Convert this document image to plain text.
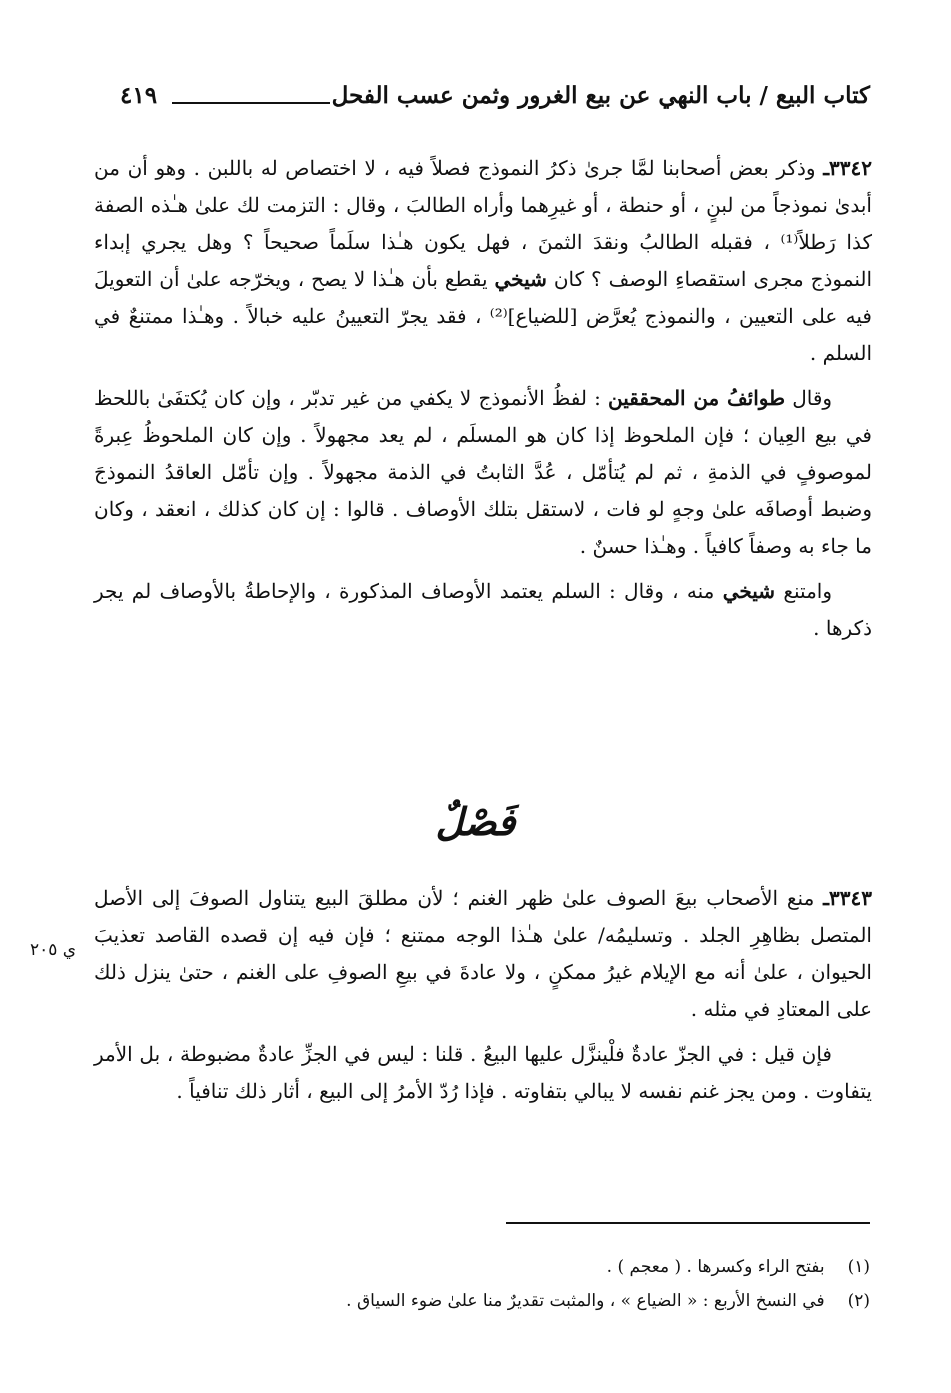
كتاب البيع / باب النهي عن بيع الغرور وثمن عسب الفحل
٤١٩

٣٣٤٢ـ وذكر بعض أصحابنا لمَّا جرىٰ ذكرُ النموذج فصلاً فيه ، لا اختصاص له باللبن . وهو أن من أبدىٰ نموذجاً من لبنٍ ، أو حنطة ، أو غيرِهما وأراه الطالبَ ، وقال : التزمت لك علىٰ هـٰذه الصفة كذا رَطلاً⁽¹⁾ ، فقبله الطالبُ ونقدَ الثمنَ ، فهل يكون هـٰذا سلَماً صحيحاً ؟ وهل يجري إبداء النموذج مجرى استقصاءِ الوصف ؟ كان شيخي يقطع بأن هـٰذا لا يصح ، ويخرّجه علىٰ أن التعويلَ فيه على التعيين ، والنموذج يُعرَّض [للضياع]⁽²⁾ ، فقد يجرّ التعيينُ عليه خبالاً . وهـٰذا ممتنعٌ في السلم .

وقال طوائفُ من المحققين : لفظُ الأنموذج لا يكفي من غير تدبّر ، وإن كان يُكتفَىٰ باللحظ في بيع العِيان ؛ فإن الملحوظ إذا كان هو المسلَم ، لم يعد مجهولاً . وإن كان الملحوظُ عِبرةً لموصوفٍ في الذمةِ ، ثم لم يُتأمّل ، عُدَّ الثابتُ في الذمة مجهولاً . وإن تأمّل العاقدُ النموذجَ وضبط أوصافَه علىٰ وجهٍ لو فات ، لاستقل بتلك الأوصاف . قالوا : إن كان كذلك ، انعقد ، وكان ما جاء به وصفاً كافياً . وهـٰذا حسنٌ .

وامتنع شيخي منه ، وقال : السلم يعتمد الأوصاف المذكورة ، والإحاطةُ بالأوصاف لم يجر ذكرها .

فَصْلٌ

٣٣٤٣ـ منع الأصحاب بيعَ الصوف علىٰ ظهر الغنم ؛ لأن مطلقَ البيع يتناول الصوفَ إلى الأصل المتصل بظاهِرِ الجلد . وتسليمُه/ علىٰ هـٰذا الوجه ممتنع ؛ فإن فيه إن قصده القاصد تعذيبَ الحيوان ، علىٰ أنه مع الإيلام غيرُ ممكنٍ ، ولا عادةَ في بيعِ الصوفِ على الغنم ، حتىٰ ينزل ذلك على المعتادِ في مثله .

فإن قيل : في الجزّ عادةٌ فلْينزَّل عليها البيعُ . قلنا : ليس في الجزِّ عادةٌ مضبوطة ، بل الأمر يتفاوت . ومن يجز غنم نفسه لا يبالي بتفاوته . فإذا رُدّ الأمرُ إلى البيع ، أثار ذلك تنافياً .

ي ٢٠٥

(١) بفتح الراء وكسرها . ( معجم ) .

(٢) في النسخ الأربع : « الضياع » ، والمثبت تقديرٌ منا علىٰ ضوء السياق .
